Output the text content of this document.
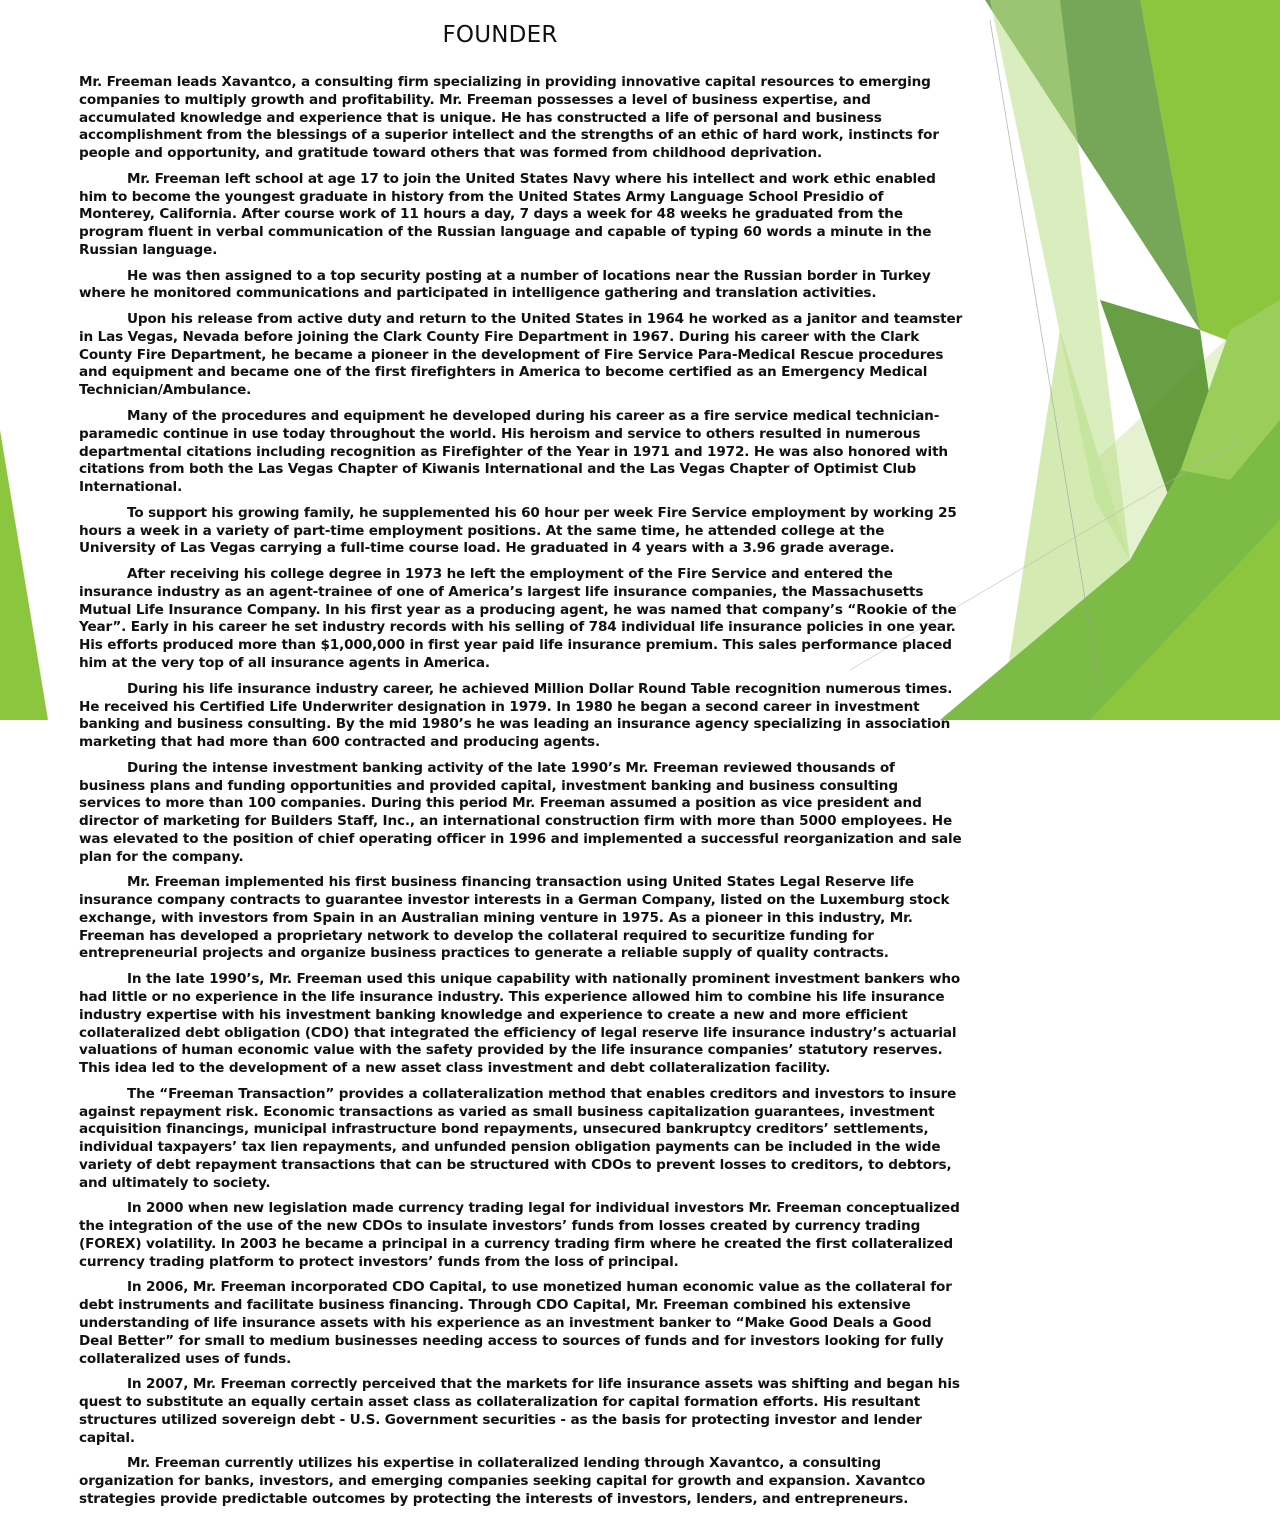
FOUNDER

Mr. Freeman leads Xavantco, a consulting firm specializing in providing innovative capital resources to emerging companies to multiply growth and profitability. Mr. Freeman possesses a level of business expertise, and accumulated knowledge and experience that is unique. He has constructed a life of personal and business accomplishment from the blessings of a superior intellect and the strengths of an ethic of hard work, instincts for people and opportunity, and gratitude toward others that was formed from childhood deprivation.

Mr. Freeman left school at age 17 to join the United States Navy where his intellect and work ethic enabled him to become the youngest graduate in history from the United States Army Language School Presidio of Monterey, California. After course work of 11 hours a day, 7 days a week for 48 weeks he graduated from the program fluent in verbal communication of the Russian language and capable of typing 60 words a minute in the Russian language.

He was then assigned to a top security posting at a number of locations near the Russian border in Turkey where he monitored communications and participated in intelligence gathering and translation activities.

Upon his release from active duty and return to the United States in 1964 he worked as a janitor and teamster in Las Vegas, Nevada before joining the Clark County Fire Department in 1967. During his career with the Clark County Fire Department, he became a pioneer in the development of Fire Service Para-Medical Rescue procedures and equipment and became one of the first firefighters in America to become certified as an Emergency Medical Technician/Ambulance.

Many of the procedures and equipment he developed during his career as a fire service medical technician-paramedic continue in use today throughout the world. His heroism and service to others resulted in numerous departmental citations including recognition as Firefighter of the Year in 1971 and 1972. He was also honored with citations from both the Las Vegas Chapter of Kiwanis International and the Las Vegas Chapter of Optimist Club International.

To support his growing family, he supplemented his 60 hour per week Fire Service employment by working 25 hours a week in a variety of part-time employment positions. At the same time, he attended college at the University of Las Vegas carrying a full-time course load. He graduated in 4 years with a 3.96 grade average.

After receiving his college degree in 1973 he left the employment of the Fire Service and entered the insurance industry as an agent-trainee of one of America’s largest life insurance companies, the Massachusetts Mutual Life Insurance Company. In his first year as a producing agent, he was named that company’s “Rookie of the Year”. Early in his career he set industry records with his selling of 784 individual life insurance policies in one year. His efforts produced more than $1,000,000 in first year paid life insurance premium. This sales performance placed him at the very top of all insurance agents in America.

During his life insurance industry career, he achieved Million Dollar Round Table recognition numerous times. He received his Certified Life Underwriter designation in 1979. In 1980 he began a second career in investment banking and business consulting. By the mid 1980’s he was leading an insurance agency specializing in association marketing that had more than 600 contracted and producing agents.

During the intense investment banking activity of the late 1990’s Mr. Freeman reviewed thousands of business plans and funding opportunities and provided capital, investment banking and business consulting services to more than 100 companies. During this period Mr. Freeman assumed a position as vice president and director of marketing for Builders Staff, Inc., an international construction firm with more than 5000 employees. He was elevated to the position of chief operating officer in 1996 and implemented a successful reorganization and sale plan for the company.

Mr. Freeman implemented his first business financing transaction using United States Legal Reserve life insurance company contracts to guarantee investor interests in a German Company, listed on the Luxemburg stock exchange, with investors from Spain in an Australian mining venture in 1975. As a pioneer in this industry, Mr. Freeman has developed a proprietary network to develop the collateral required to securitize funding for entrepreneurial projects and organize business practices to generate a reliable supply of quality contracts.

In the late 1990’s, Mr. Freeman used this unique capability with nationally prominent investment bankers who had little or no experience in the life insurance industry. This experience allowed him to combine his life insurance industry expertise with his investment banking knowledge and experience to create a new and more efficient collateralized debt obligation (CDO) that integrated the efficiency of legal reserve life insurance industry’s actuarial valuations of human economic value with the safety provided by the life insurance companies’ statutory reserves. This idea led to the development of a new asset class investment and debt collateralization facility.

The “Freeman Transaction” provides a collateralization method that enables creditors and investors to insure against repayment risk. Economic transactions as varied as small business capitalization guarantees, investment acquisition financings, municipal infrastructure bond repayments, unsecured bankruptcy creditors’ settlements, individual taxpayers’ tax lien repayments, and unfunded pension obligation payments can be included in the wide variety of debt repayment transactions that can be structured with CDOs to prevent losses to creditors, to debtors, and ultimately to society.

In 2000 when new legislation made currency trading legal for individual investors Mr. Freeman conceptualized the integration of the use of the new CDOs to insulate investors’ funds from losses created by currency trading (FOREX) volatility. In 2003 he became a principal in a currency trading firm where he created the first collateralized currency trading platform to protect investors’ funds from the loss of principal.

In 2006, Mr. Freeman incorporated CDO Capital, to use monetized human economic value as the collateral for debt instruments and facilitate business financing. Through CDO Capital, Mr. Freeman combined his extensive understanding of life insurance assets with his experience as an investment banker to “Make Good Deals a Good Deal Better” for small to medium businesses needing access to sources of funds and for investors looking for fully collateralized uses of funds.

In 2007, Mr. Freeman correctly perceived that the markets for life insurance assets was shifting and began his quest to substitute an equally certain asset class as collateralization for capital formation efforts. His resultant structures utilized sovereign debt - U.S. Government securities - as the basis for protecting investor and lender capital.

Mr. Freeman currently utilizes his expertise in collateralized lending through Xavantco, a consulting organization for banks, investors, and emerging companies seeking capital for growth and expansion. Xavantco strategies provide predictable outcomes by protecting the interests of investors, lenders, and entrepreneurs.
